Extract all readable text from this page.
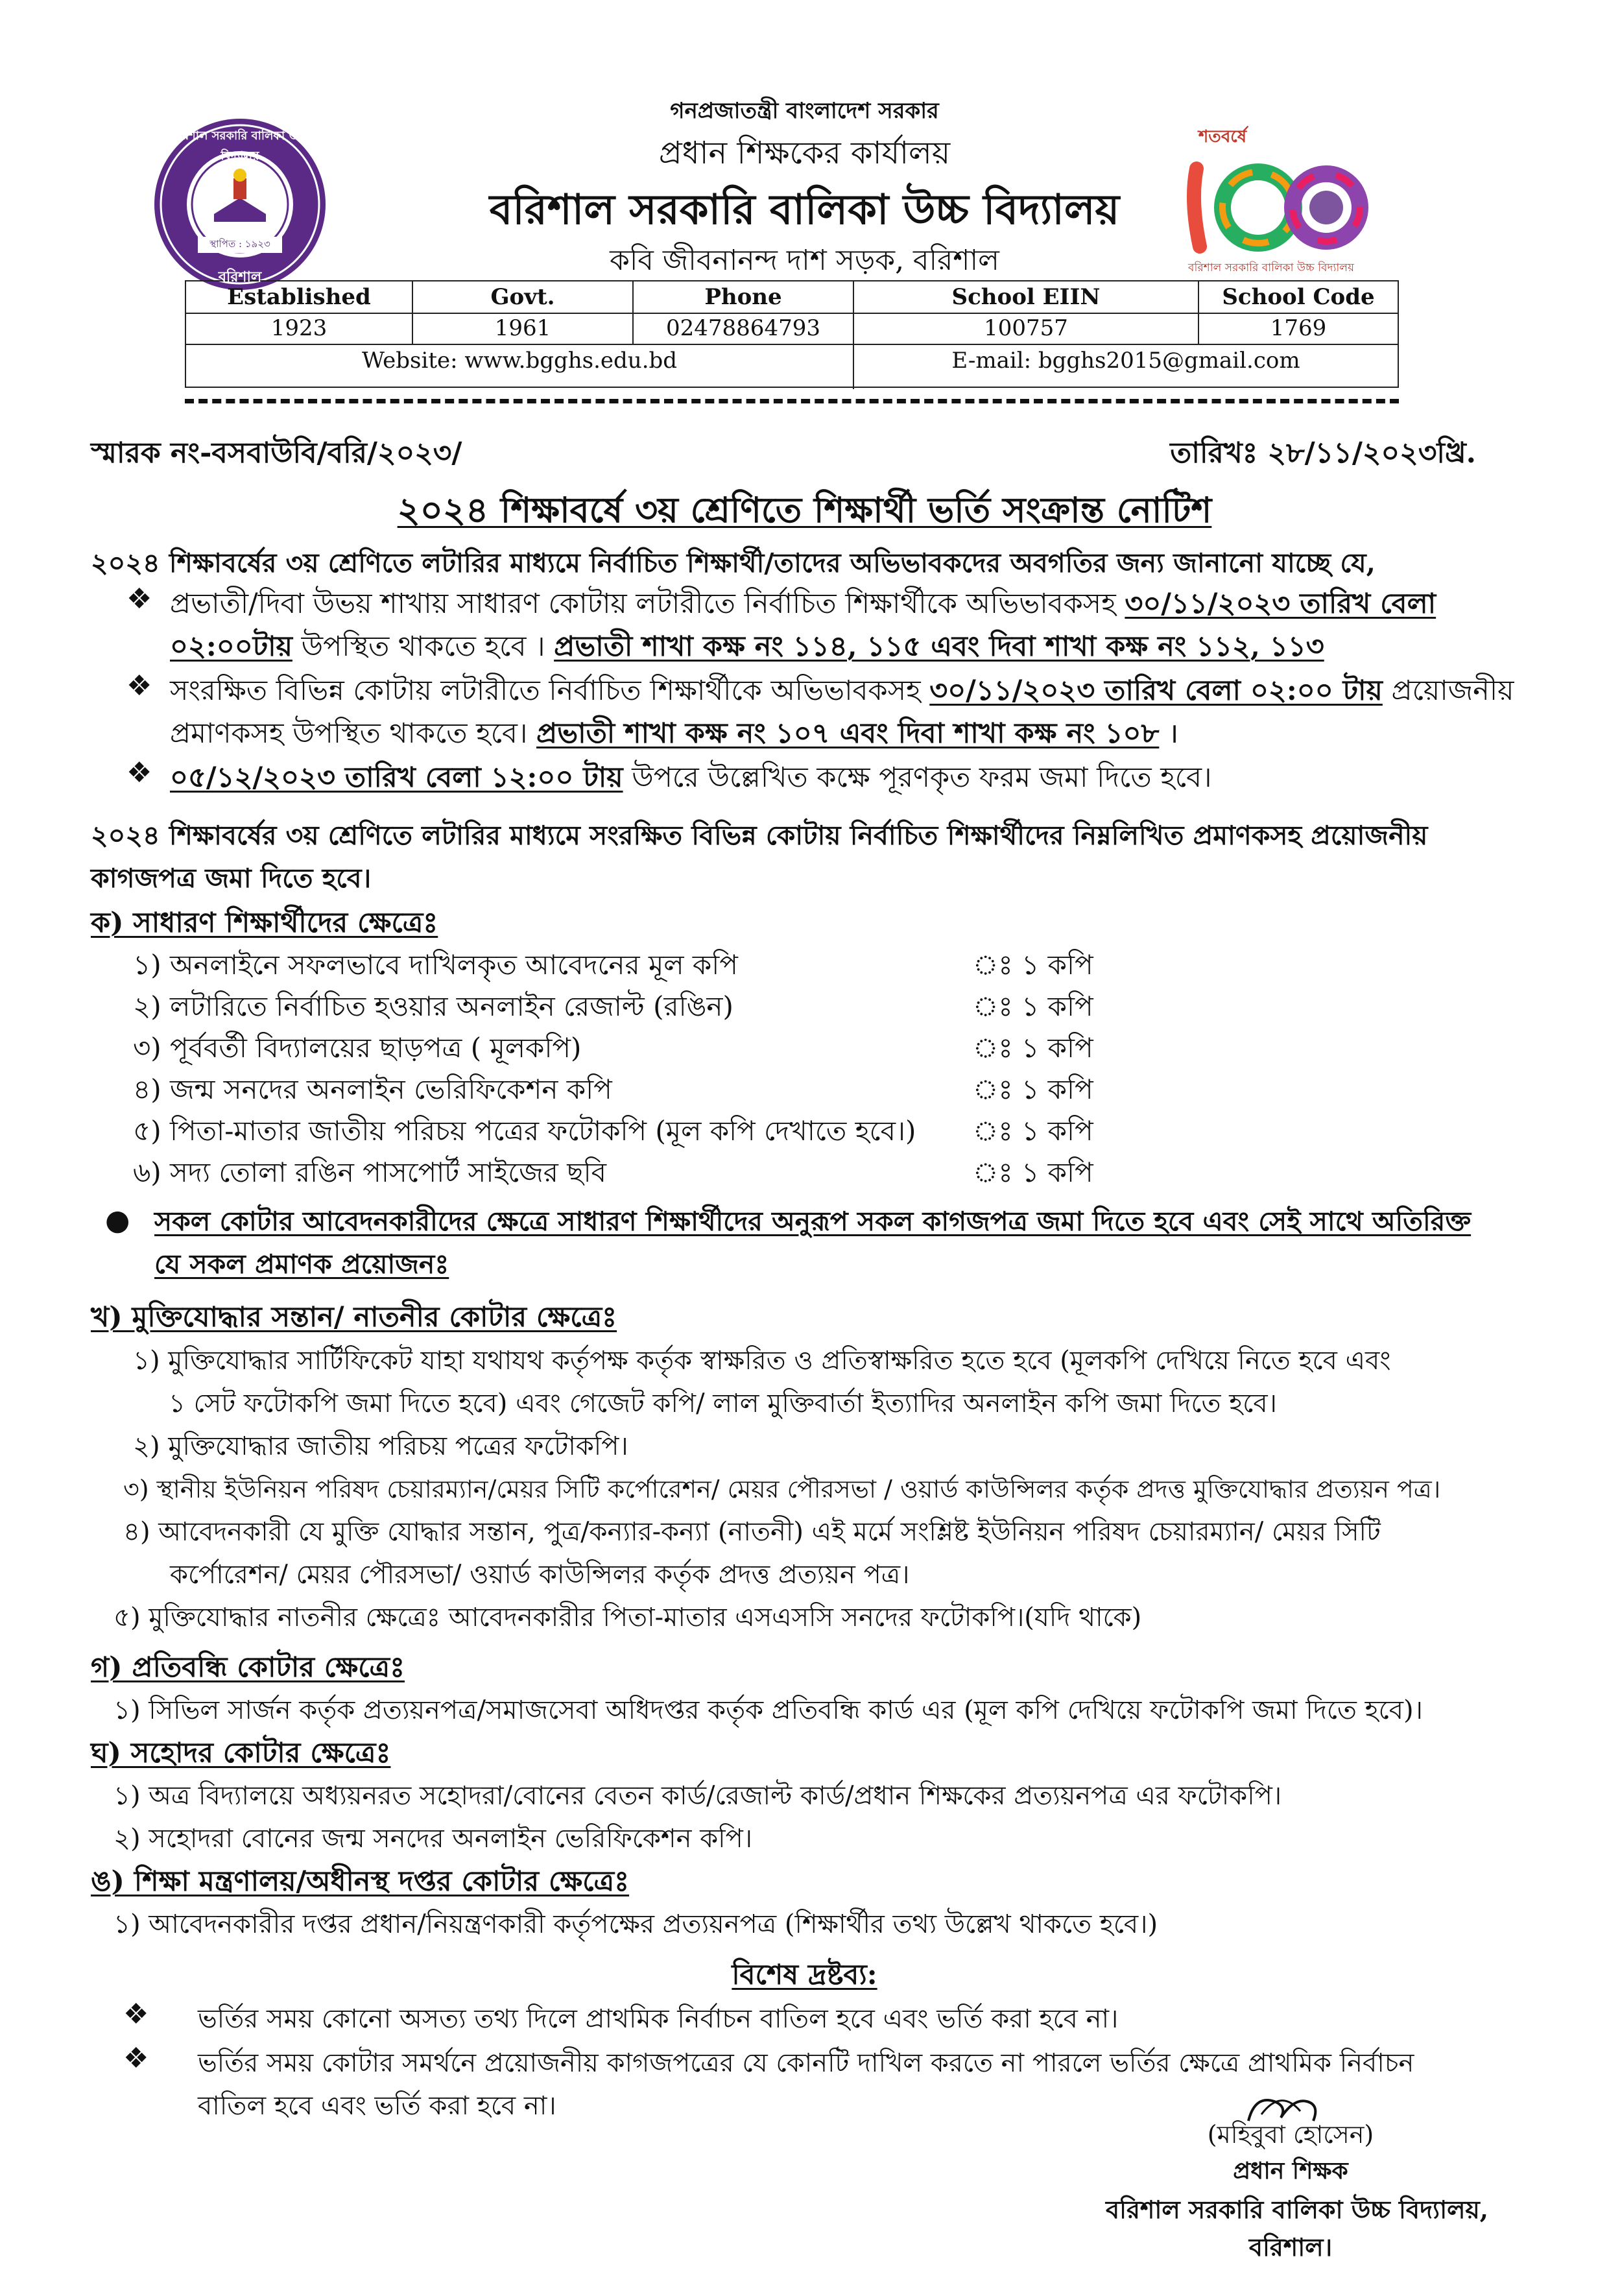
শতবর্ষে
বরিশাল সরকারি বালিকা উচ্চ বিদ্যালয়
গনপ্রজাতন্ত্রী বাংলাদেশ সরকার
প্রধান শিক্ষকের কার্যালয়
বরিশাল সরকারি বালিকা উচ্চ বিদ্যালয়
কবি জীবনানন্দ দাশ সড়ক, বরিশাল
Established	Govt.	Phone	School EIIN	School Code
1923	1961	02478864793	100757	1769
Website: www.bgghs.edu.bd	E-mail: bgghs2015@gmail.com
স্মারক নং-বসবাউবি/বরি/২০২৩/	তারিখঃ ২৮/১১/২০২৩খ্রি.
২০২৪ শিক্ষাবর্ষে ৩য় শ্রেণিতে শিক্ষার্থী ভর্তি সংক্রান্ত নোটিশ
২০২৪ শিক্ষাবর্ষের ৩য় শ্রেণিতে লটারির মাধ্যমে নির্বাচিত শিক্ষার্থী/তাদের অভিভাবকদের অবগতির জন্য জানানো যাচ্ছে যে,
❖ প্রভাতী/দিবা উভয় শাখায় সাধারণ কোটায় লটারীতে নির্বাচিত শিক্ষার্থীকে অভিভাবকসহ ৩০/১১/২০২৩ তারিখ বেলা
০২:০০টায় উপস্থিত থাকতে হবে । প্রভাতী শাখা কক্ষ নং ১১৪, ১১৫ এবং দিবা শাখা কক্ষ নং ১১২, ১১৩
❖ সংরক্ষিত বিভিন্ন কোটায় লটারীতে নির্বাচিত শিক্ষার্থীকে অভিভাবকসহ ৩০/১১/২০২৩ তারিখ বেলা ০২:০০ টায় প্রয়োজনীয়
প্রমাণকসহ উপস্থিত থাকতে হবে। প্রভাতী শাখা কক্ষ নং ১০৭ এবং দিবা শাখা কক্ষ নং ১০৮ ।
❖ ০৫/১২/২০২৩ তারিখ বেলা ১২:০০ টায় উপরে উল্লেখিত কক্ষে পূরণকৃত ফরম জমা দিতে হবে।
২০২৪ শিক্ষাবর্ষের ৩য় শ্রেণিতে লটারির মাধ্যমে সংরক্ষিত বিভিন্ন কোটায় নির্বাচিত শিক্ষার্থীদের নিম্নলিখিত প্রমাণকসহ প্রয়োজনীয়
কাগজপত্র জমা দিতে হবে।
ক) সাধারণ শিক্ষার্থীদের ক্ষেত্রেঃ
১) অনলাইনে সফলভাবে দাখিলকৃত আবেদনের মূল কপি	ঃ ১ কপি
২) লটারিতে নির্বাচিত হওয়ার অনলাইন রেজাল্ট (রঙিন)	ঃ ১ কপি
৩) পূর্ববর্তী বিদ্যালয়ের ছাড়পত্র ( মূলকপি)	ঃ ১ কপি
৪) জন্ম সনদের অনলাইন ভেরিফিকেশন কপি	ঃ ১ কপি
৫) পিতা-মাতার জাতীয় পরিচয় পত্রের ফটোকপি (মূল কপি দেখাতে হবে।) ঃ ১ কপি
৬) সদ্য তোলা রঙিন পাসপোর্ট সাইজের ছবি	ঃ ১ কপি
● সকল কোটার আবেদনকারীদের ক্ষেত্রে সাধারণ শিক্ষার্থীদের অনুরূপ সকল কাগজপত্র জমা দিতে হবে এবং সেই সাথে অতিরিক্ত
যে সকল প্রমাণক প্রয়োজনঃ
খ) মুক্তিযোদ্ধার সন্তান/ নাতনীর কোটার ক্ষেত্রেঃ
১) মুক্তিযোদ্ধার সার্টিফিকেট যাহা যথাযথ কর্তৃপক্ষ কর্তৃক স্বাক্ষরিত ও প্রতিস্বাক্ষরিত হতে হবে (মূলকপি দেখিয়ে নিতে হবে এবং
১ সেট ফটোকপি জমা দিতে হবে) এবং গেজেট কপি/ লাল মুক্তিবার্তা ইত্যাদির অনলাইন কপি জমা দিতে হবে।
২) মুক্তিযোদ্ধার জাতীয় পরিচয় পত্রের ফটোকপি।
৩) স্থানীয় ইউনিয়ন পরিষদ চেয়ারম্যান/মেয়র সিটি কর্পোরেশন/ মেয়র পৌরসভা / ওয়ার্ড কাউন্সিলর কর্তৃক প্রদত্ত মুক্তিযোদ্ধার প্রত্যয়ন পত্র।
৪) আবেদনকারী যে মুক্তি যোদ্ধার সন্তান, পুত্র/কন্যার-কন্যা (নাতনী) এই মর্মে সংশ্লিষ্ট ইউনিয়ন পরিষদ চেয়ারম্যান/ মেয়র সিটি
কর্পোরেশন/ মেয়র পৌরসভা/ ওয়ার্ড কাউন্সিলর কর্তৃক প্রদত্ত প্রত্যয়ন পত্র।
৫) মুক্তিযোদ্ধার নাতনীর ক্ষেত্রেঃ আবেদনকারীর পিতা-মাতার এসএসসি সনদের ফটোকপি।(যদি থাকে)
গ) প্রতিবন্ধি কোটার ক্ষেত্রেঃ
১) সিভিল সার্জন কর্তৃক প্রত্যয়নপত্র/সমাজসেবা অধিদপ্তর কর্তৃক প্রতিবন্ধি কার্ড এর (মূল কপি দেখিয়ে ফটোকপি জমা দিতে হবে)।
ঘ) সহোদর কোটার ক্ষেত্রেঃ
১) অত্র বিদ্যালয়ে অধ্যয়নরত সহোদরা/বোনের বেতন কার্ড/রেজাল্ট কার্ড/প্রধান শিক্ষকের প্রত্যয়নপত্র এর ফটোকপি।
২) সহোদরা বোনের জন্ম সনদের অনলাইন ভেরিফিকেশন কপি।
ঙ) শিক্ষা মন্ত্রণালয়/অধীনস্থ দপ্তর কোটার ক্ষেত্রেঃ
১) আবেদনকারীর দপ্তর প্রধান/নিয়ন্ত্রণকারী কর্তৃপক্ষের প্রত্যয়নপত্র (শিক্ষার্থীর তথ্য উল্লেখ থাকতে হবে।)
বিশেষ দ্রষ্টব্য:
❖ ভর্তির সময় কোনো অসত্য তথ্য দিলে প্রাথমিক নির্বাচন বাতিল হবে এবং ভর্তি করা হবে না।
❖ ভর্তির সময় কোটার সমর্থনে প্রয়োজনীয় কাগজপত্রের যে কোনটি দাখিল করতে না পারলে ভর্তির ক্ষেত্রে প্রাথমিক নির্বাচন
বাতিল হবে এবং ভর্তি করা হবে না।
(মহিবুবা হোসেন)
প্রধান শিক্ষক
বরিশাল সরকারি বালিকা উচ্চ বিদ্যালয়,
বরিশাল।
স্থাপিত : ১৯২৩
বরিশাল
বরিশাল সরকারি বালিকা উচ্চ বিদ্যালয়
